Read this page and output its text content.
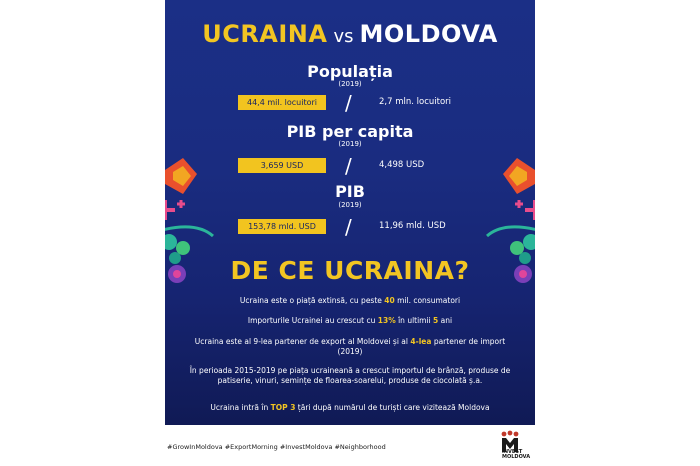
UCRAINA vs MOLDOVA
Populația
(2019)
44,4 mil. locuitori	/	2,7 mln. locuitori
PIB per capita
(2019)
3,659 USD	/	4,498 USD
PIB
(2019)
153,78 mld. USD	/	11,96 mld. USD
DE CE UCRAINA?
Ucraina este o piață extinsă, cu peste 40 mil. consumatori
Importurile Ucrainei au crescut cu 13% în ultimii 5 ani
Ucraina este al 9-lea partener de export al Moldovei și al 4-lea partener de import (2019)
În perioada 2015-2019 pe piața ucraineană a crescut importul de brânză, produse de patiserie, vinuri, semințe de floarea-soarelui, produse de ciocolată ș.a.
Ucraina intră în TOP 3 țări după numărul de turiști care vizitează Moldova
#GrowInMoldova #ExportMorning #InvestMoldova #Neighborhood
INVEST
MOLDOVA
